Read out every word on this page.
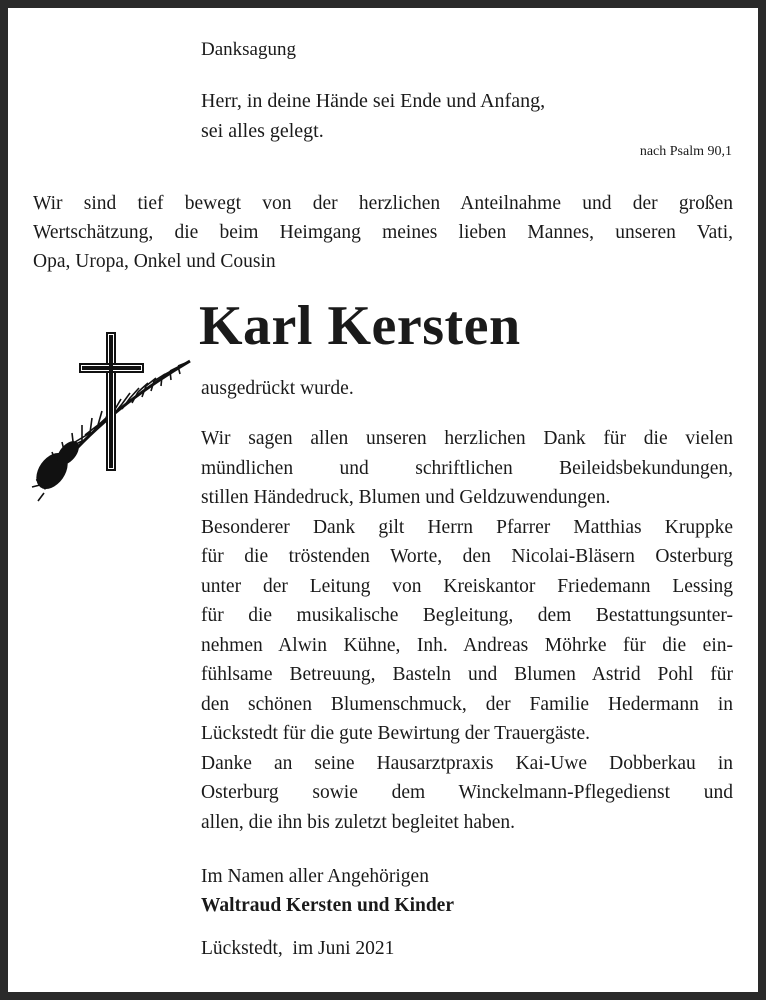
Danksagung
Herr, in deine Hände sei Ende und Anfang,
sei alles gelegt.
nach Psalm 90,1
Wir sind tief bewegt von der herzlichen Anteilnahme und der großen
Wertschätzung, die beim Heimgang meines lieben Mannes, unseren Vati,
Opa, Uropa, Onkel und Cousin
Karl Kersten
ausgedrückt wurde.
Wir sagen allen unseren herzlichen Dank für die vielen
mündlichen und schriftlichen Beileidsbekundungen,
stillen Händedruck, Blumen und Geldzuwendungen.
Besonderer Dank gilt Herrn Pfarrer Matthias Kruppke
für die tröstenden Worte, den Nicolai-Bläsern Osterburg
unter der Leitung von Kreiskantor Friedemann Lessing
für die musikalische Begleitung, dem Bestattungsunter-
nehmen Alwin Kühne, Inh. Andreas Möhrke für die ein-
fühlsame Betreuung, Basteln und Blumen Astrid Pohl für
den schönen Blumenschmuck, der Familie Hedermann in
Lückstedt für die gute Bewirtung der Trauergäste.
Danke an seine Hausarztpraxis Kai-Uwe Dobberkau in
Osterburg sowie dem Winckelmann-Pflegedienst und
allen, die ihn bis zuletzt begleitet haben.
Im Namen aller Angehörigen
Waltraud Kersten und Kinder
Lückstedt,  im Juni 2021
